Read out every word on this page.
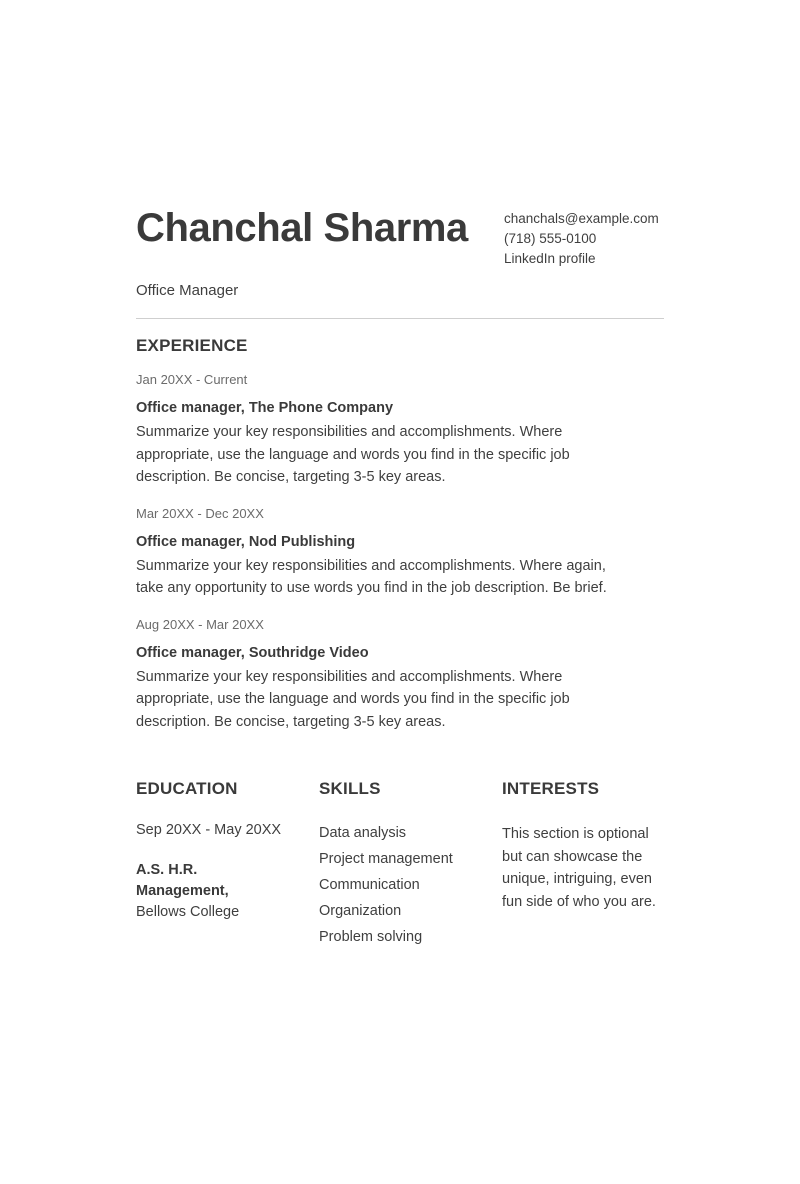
Chanchal Sharma	chanchals@example.com
(718) 555-0100
LinkedIn profile
Office Manager
EXPERIENCE
Jan 20XX - Current
Office manager, The Phone Company
Summarize your key responsibilities and accomplishments. Where appropriate, use the language and words you find in the specific job description. Be concise, targeting 3-5 key areas.
Mar 20XX - Dec 20XX
Office manager, Nod Publishing
Summarize your key responsibilities and accomplishments. Where again, take any opportunity to use words you find in the job description. Be brief.
Aug 20XX - Mar 20XX
Office manager, Southridge Video
Summarize your key responsibilities and accomplishments. Where appropriate, use the language and words you find in the specific job description. Be concise, targeting 3-5 key areas.
EDUCATION
Sep 20XX - May 20XX
A.S. H.R. Management, Bellows College
SKILLS
Data analysis
Project management
Communication
Organization
Problem solving
INTERESTS
This section is optional but can showcase the unique, intriguing, even fun side of who you are.
